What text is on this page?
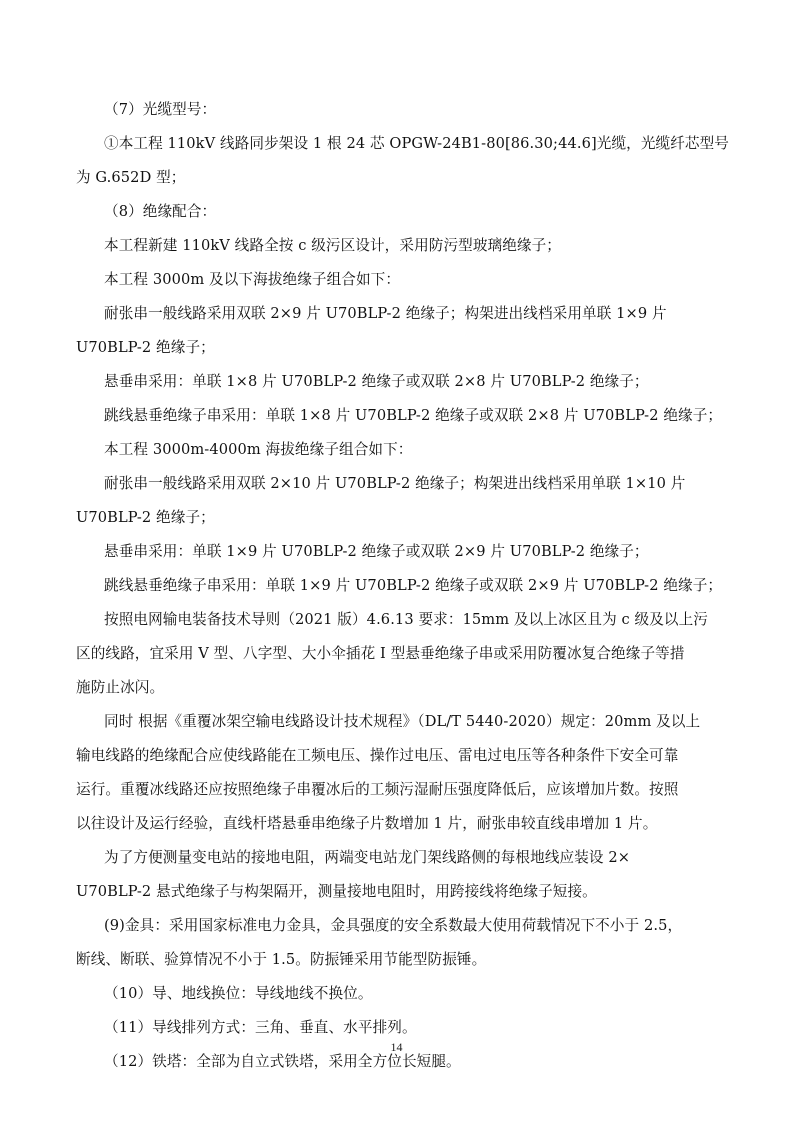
（7）光缆型号：
①本工程 110kV 线路同步架设 1 根 24 芯 OPGW-24B1-80[86.30;44.6]光缆，光缆纤芯型号
为 G.652D 型；
（8）绝缘配合：
本工程新建 110kV 线路全按 c 级污区设计，采用防污型玻璃绝缘子；
本工程 3000m 及以下海拔绝缘子组合如下：
耐张串一般线路采用双联 2×9 片 U70BLP-2 绝缘子；构架进出线档采用单联 1×9 片
U70BLP-2 绝缘子；
悬垂串采用：单联 1×8 片 U70BLP-2 绝缘子或双联 2×8 片 U70BLP-2 绝缘子；
跳线悬垂绝缘子串采用：单联 1×8 片 U70BLP-2 绝缘子或双联 2×8 片 U70BLP-2 绝缘子；
本工程 3000m-4000m 海拔绝缘子组合如下：
耐张串一般线路采用双联 2×10 片 U70BLP-2 绝缘子；构架进出线档采用单联 1×10 片
U70BLP-2 绝缘子；
悬垂串采用：单联 1×9 片 U70BLP-2 绝缘子或双联 2×9 片 U70BLP-2 绝缘子；
跳线悬垂绝缘子串采用：单联 1×9 片 U70BLP-2 绝缘子或双联 2×9 片 U70BLP-2 绝缘子；
按照电网输电装备技术导则（2021 版）4.6.13 要求：15mm 及以上冰区且为 c 级及以上污
区的线路，宜采用 V 型、八字型、大小伞插花 I 型悬垂绝缘子串或采用防覆冰复合绝缘子等措
施防止冰闪。
同时 根据《重覆冰架空输电线路设计技术规程》（DL/T 5440-2020）规定：20mm 及以上
输电线路的绝缘配合应使线路能在工频电压、操作过电压、雷电过电压等各种条件下安全可靠
运行。重覆冰线路还应按照绝缘子串覆冰后的工频污湿耐压强度降低后，应该增加片数。按照
以往设计及运行经验，直线杆塔悬垂串绝缘子片数增加 1 片，耐张串较直线串增加 1 片。
为了方便测量变电站的接地电阻，两端变电站龙门架线路侧的每根地线应装设 2×
U70BLP-2 悬式绝缘子与构架隔开，测量接地电阻时，用跨接线将绝缘子短接。
(9)金具：采用国家标准电力金具，金具强度的安全系数最大使用荷载情况下不小于 2.5，
断线、断联、验算情况不小于 1.5。防振锤采用节能型防振锤。
（10）导、地线换位：导线地线不换位。
（11）导线排列方式：三角、垂直、水平排列。
（12）铁塔：全部为自立式铁塔，采用全方位长短腿。

14
